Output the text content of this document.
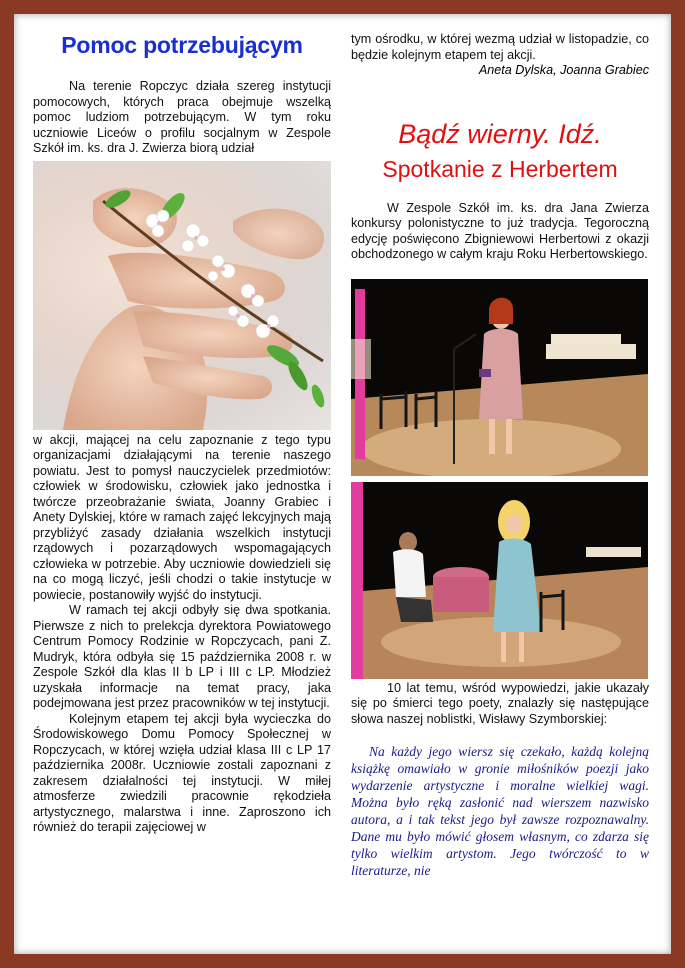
Pomoc potrzebującym

Na terenie Ropczyc działa szereg instytucji pomocowych, których praca obejmuje wszelką pomoc ludziom potrzebującym. W tym roku uczniowie Liceów o profilu socjalnym w Zespole Szkół im. ks. dra J. Zwierza biorą udział

w akcji, mającej na celu zapoznanie z tego typu organizacjami działającymi na terenie naszego powiatu. Jest to pomysł nauczycielek przedmiotów: człowiek w środowisku, człowiek jako jednostka i twórcze przeobrażanie świata, Joanny Grabiec i Anety Dylskiej, które w ramach zajęć lekcyjnych mają przybliżyć zasady działania wszelkich instytucji rządowych i pozarządowych wspomagających człowieka w potrzebie. Aby uczniowie dowiedzieli się na co mogą liczyć, jeśli chodzi o takie instytucje w powiecie, postanowiły wyjść do instytucji.

W ramach tej akcji odbyły się dwa spotkania. Pierwsze z nich to prelekcja dyrektora Powiatowego Centrum Pomocy Rodzinie w Ropczycach, pani Z. Mudryk, która odbyła się 15 października 2008 r. w Zespole Szkół dla klas II b LP i III c LP. Młodzież uzyskała informacje na temat pracy, jaka podejmowana jest przez pracowników w tej instytucji.

Kolejnym etapem tej akcji była wycieczka do Środowiskowego Domu Pomocy Społecznej w Ropczycach, w której wzięła udział klasa III c LP 17 października 2008r. Uczniowie zostali zapoznani z zakresem działalności tej instytucji. W miłej atmosferze zwiedzili pracownie rękodzieła artystycznego, malarstwa i inne. Zaproszono ich również do terapii zajęciowej w

tym ośrodku, w której wezmą udział w listopadzie, co będzie kolejnym etapem tej akcji.

Aneta Dylska, Joanna Grabiec
Bądź wierny. Idź.
Spotkanie z Herbertem

W Zespole Szkół im. ks. dra Jana Zwierza konkursy polonistyczne to już tradycja. Tegoroczną edycję poświęcono Zbigniewowi Herbertowi z okazji obchodzonego w całym kraju Roku Herbertowskiego.

10 lat temu, wśród wypowiedzi, jakie ukazały się po śmierci tego poety, znalazły się następujące słowa naszej noblistki, Wisławy Szymborskiej:

Na każdy jego wiersz się czekało, każdą kolejną książkę omawiało w gronie miłośników poezji jako wydarzenie artystyczne i moralne wielkiej wagi. Można było ręką zasłonić nad wierszem nazwisko autora, a i tak tekst jego był zawsze rozpoznawalny. Dane mu było mówić głosem własnym, co zdarza się tylko wielkim artystom. Jego twórczość to w literaturze, nie
